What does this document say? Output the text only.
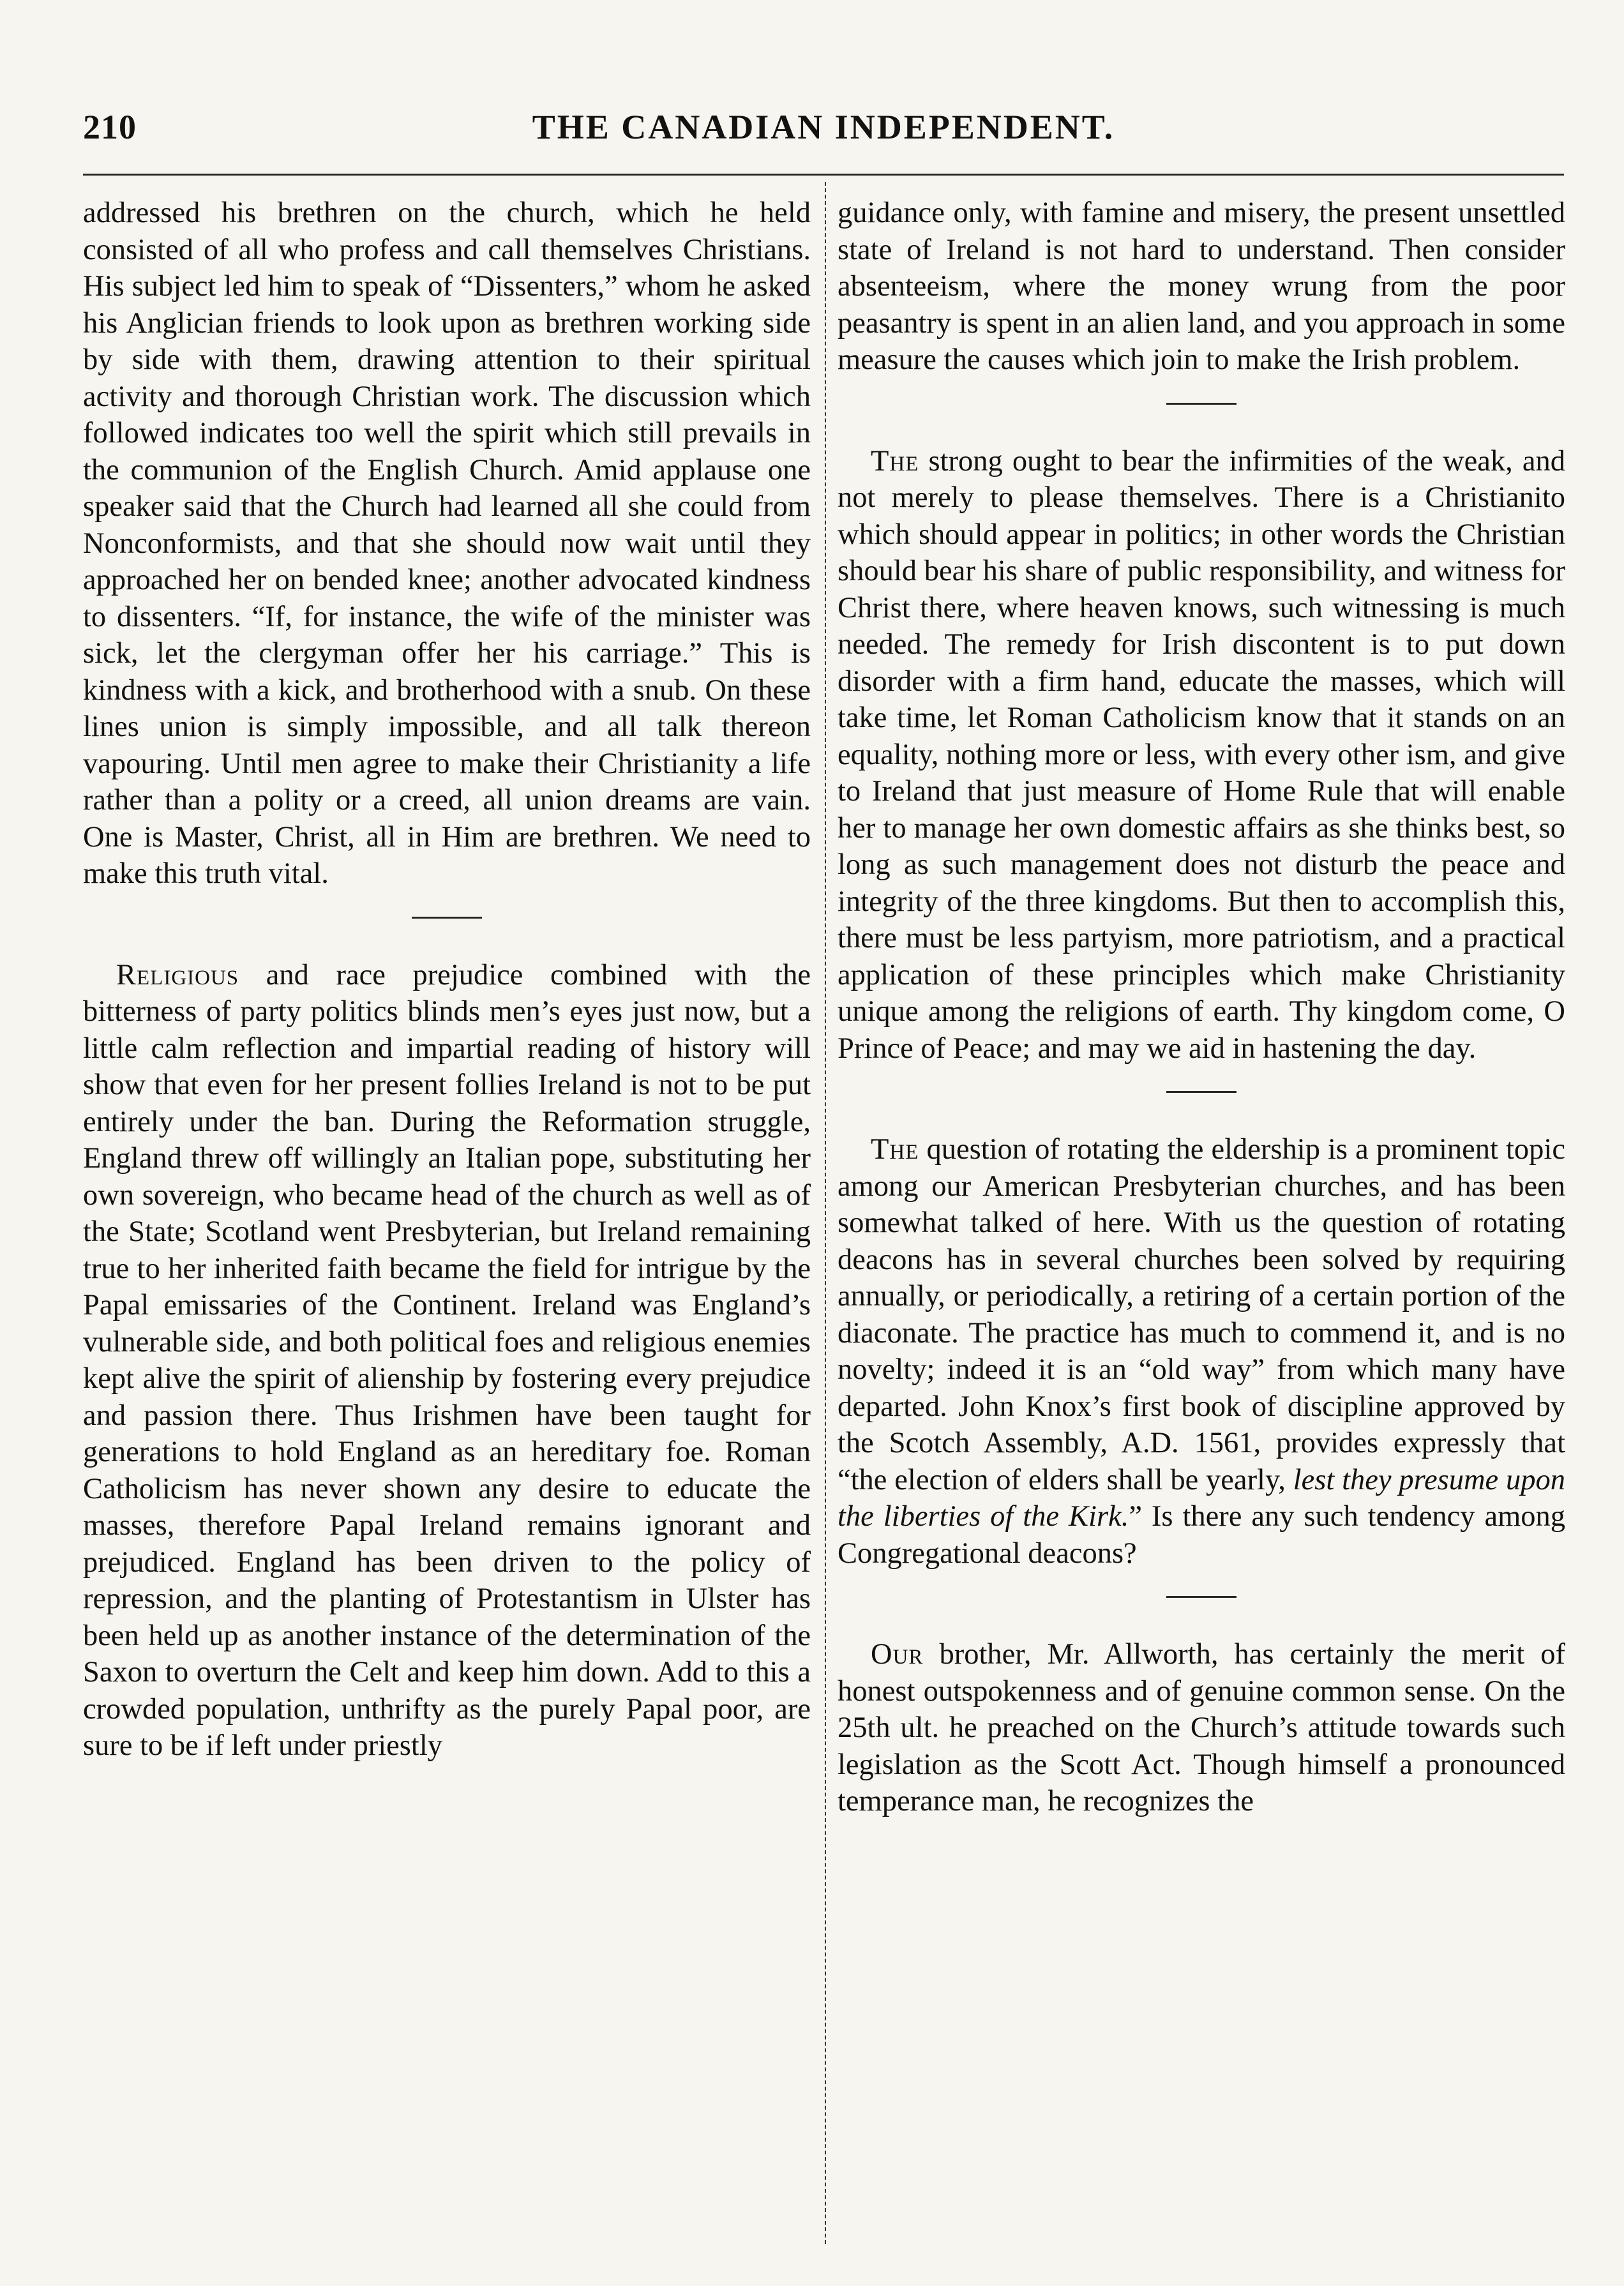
210	THE CANADIAN INDEPENDENT.

addressed his brethren on the church, which he held consisted of all who profess and call themselves Christians. His subject led him to speak of “Dissenters,” whom he asked his Anglician friends to look upon as brethren working side by side with them, drawing attention to their spiritual activity and thorough Christian work. The discussion which followed indicates too well the spirit which still prevails in the communion of the English Church. Amid applause one speaker said that the Church had learned all she could from Nonconformists, and that she should now wait until they approached her on bended knee; another advocated kindness to dissenters. “If, for instance, the wife of the minister was sick, let the clergyman offer her his carriage.” This is kindness with a kick, and brotherhood with a snub. On these lines union is simply impossible, and all talk thereon vapouring. Until men agree to make their Christianity a life rather than a polity or a creed, all union dreams are vain. One is Master, Christ, all in Him are brethren. We need to make this truth vital.

Religious and race prejudice combined with the bitterness of party politics blinds men’s eyes just now, but a little calm reflection and impartial reading of history will show that even for her present follies Ireland is not to be put entirely under the ban. During the Reformation struggle, England threw off willingly an Italian pope, substituting her own sovereign, who became head of the church as well as of the State; Scotland went Presbyterian, but Ireland remaining true to her inherited faith became the field for intrigue by the Papal emissaries of the Continent. Ireland was England’s vulnerable side, and both political foes and religious enemies kept alive the spirit of alienship by fostering every prejudice and passion there. Thus Irishmen have been taught for generations to hold England as an hereditary foe. Roman Catholicism has never shown any desire to educate the masses, therefore Papal Ireland remains ignorant and prejudiced. England has been driven to the policy of repression, and the planting of Protestantism in Ulster has been held up as another instance of the determination of the Saxon to overturn the Celt and keep him down. Add to this a crowded population, unthrifty as the purely Papal poor, are sure to be if left under priestly

guidance only, with famine and misery, the present unsettled state of Ireland is not hard to understand. Then consider absenteeism, where the money wrung from the poor peasantry is spent in an alien land, and you approach in some measure the causes which join to make the Irish problem.

The strong ought to bear the infirmities of the weak, and not merely to please themselves. There is a Christianito which should appear in politics; in other words the Christian should bear his share of public responsibility, and witness for Christ there, where heaven knows, such witnessing is much needed. The remedy for Irish discontent is to put down disorder with a firm hand, educate the masses, which will take time, let Roman Catholicism know that it stands on an equality, nothing more or less, with every other ism, and give to Ireland that just measure of Home Rule that will enable her to manage her own domestic affairs as she thinks best, so long as such management does not disturb the peace and integrity of the three kingdoms. But then to accomplish this, there must be less partyism, more patriotism, and a practical application of these principles which make Christianity unique among the religions of earth. Thy kingdom come, O Prince of Peace; and may we aid in hastening the day.

The question of rotating the eldership is a prominent topic among our American Presbyterian churches, and has been somewhat talked of here. With us the question of rotating deacons has in several churches been solved by requiring annually, or periodically, a retiring of a certain portion of the diaconate. The practice has much to commend it, and is no novelty; indeed it is an “old way” from which many have departed. John Knox’s first book of discipline approved by the Scotch Assembly, A.D. 1561, provides expressly that “the election of elders shall be yearly, lest they presume upon the liberties of the Kirk.” Is there any such tendency among Congregational deacons?

Our brother, Mr. Allworth, has certainly the merit of honest outspokenness and of genuine common sense. On the 25th ult. he preached on the Church’s attitude towards such legislation as the Scott Act. Though himself a pronounced temperance man, he recognizes the
